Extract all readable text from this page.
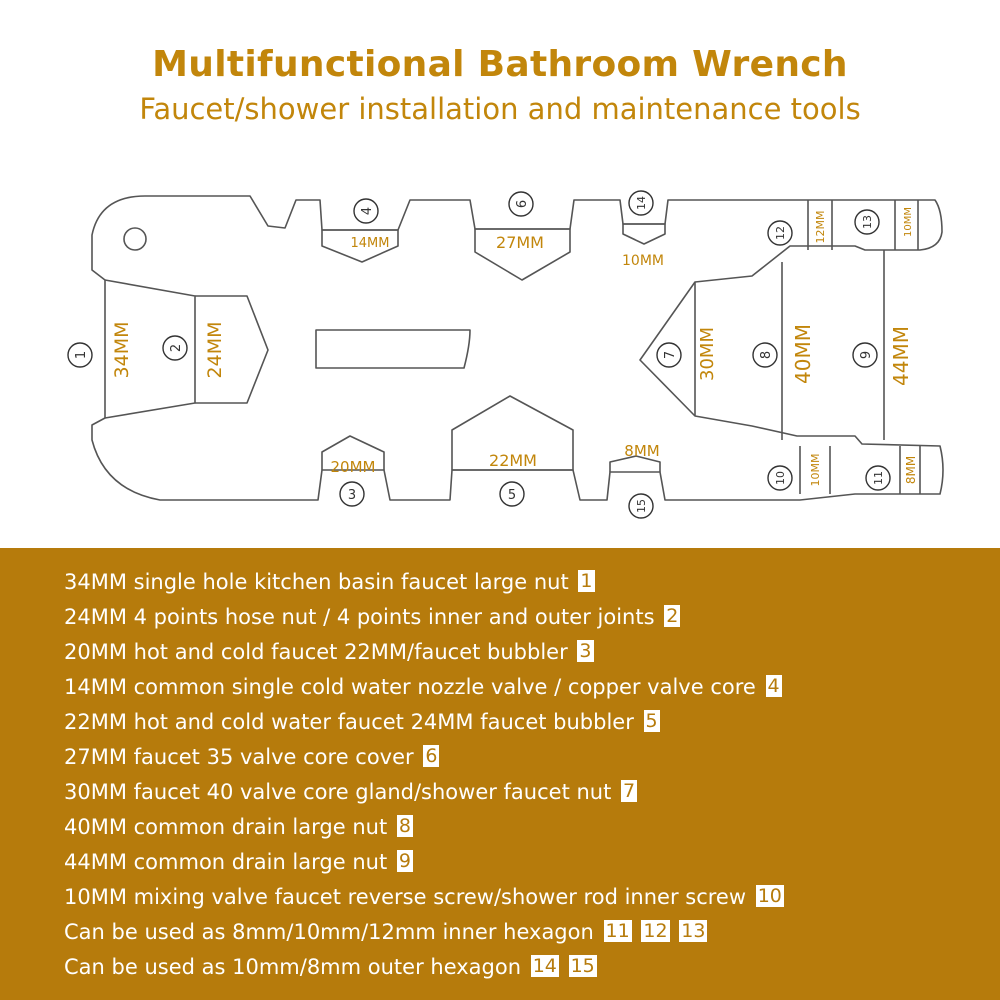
Multifunctional Bathroom Wrench
Faucet/shower installation and maintenance tools
34MM	24MM
14MM	27MM
10MM
12MM	10MM
30MM	40MM	44MM
20MM	22MM	8MM
10MM	8MM
1
2
3
4
5
6
7	8	9
10	11
12
13
14
15
34MM single hole kitchen basin faucet large nut 1
24MM 4 points hose nut / 4 points inner and outer joints 2
20MM hot and cold faucet 22MM/faucet bubbler 3
14MM common single cold water nozzle valve / copper valve core 4
22MM hot and cold water faucet 24MM faucet bubbler 5
27MM faucet 35 valve core cover 6
30MM faucet 40 valve core gland/shower faucet nut 7
40MM common drain large nut 8
44MM common drain large nut 9
10MM mixing valve faucet reverse screw/shower rod inner screw 10
Can be used as 8mm/10mm/12mm inner hexagon 11 12 13
Can be used as 10mm/8mm outer hexagon 14 15
